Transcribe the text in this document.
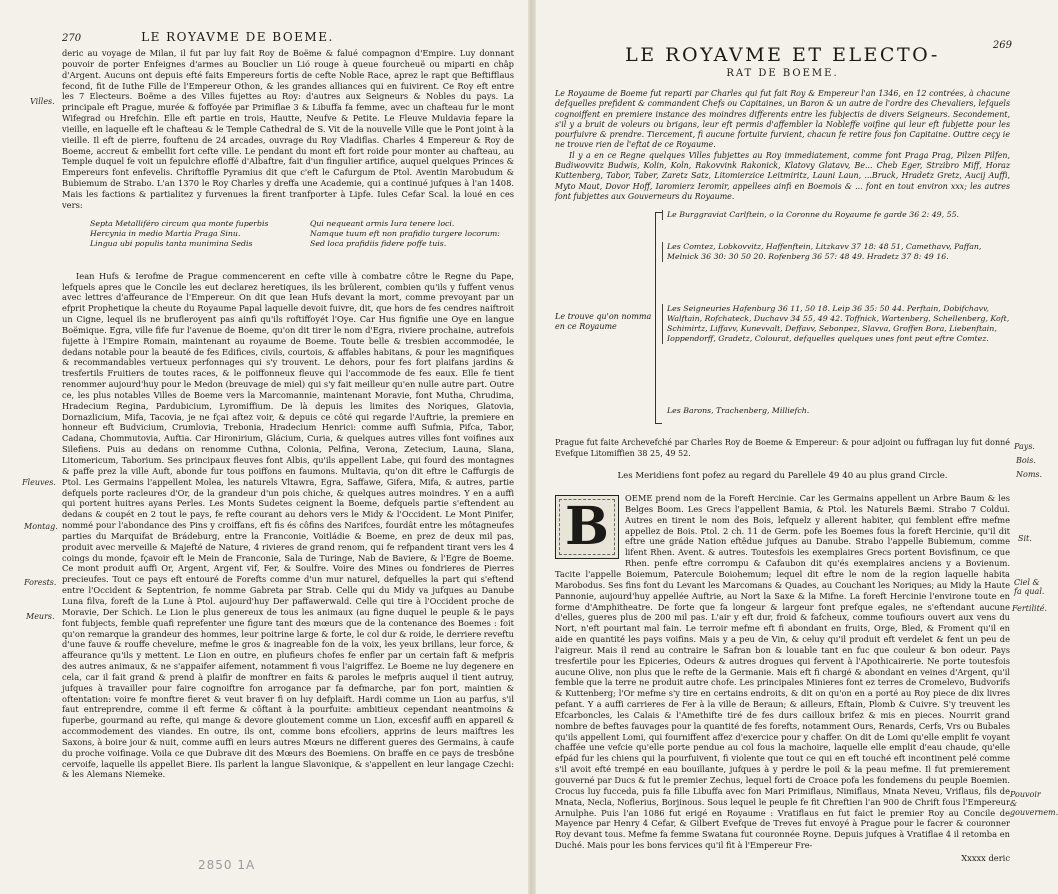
270	LE ROYAVME DE BOEME.

deric au voyage de Milan, il fut par luy fait Roy de Boëme & falué compagnon d'Empire. Luy donnant pouvoir de porter Enfeignes d'armes au Bouclier un Lió rouge à queue fourcheuë ou miparti en châp d'Argent. Aucuns ont depuis efté faits Empereurs fortis de cefte Noble Race, aprez le rapt que Beftifflaus fecond, fit de Iuthe Fille de l'Empereur Othon, & les grandes alliances qui en fuivirent. Ce Roy eft entre les 7 Electeurs. Boëme a des Villes fujettes au Roy: d'autres aux Seigneurs & Nobles du pays. La principale eft Prague, murée & foffoyée par Primiflae 3 & Libuffa fa femme, avec un chafteau fur le mont Wifegrad ou Hrefchin. Elle eft partie en trois, Hautte, Neufve & Petite. Le Fleuve Muldavia fepare la vieille, en laquelle eft le chafteau & le Temple Cathedral de S. Vit de la nouvelle Ville que le Pont joint à la vieille. Il eft de pierre, fouftenu de 24 arcades, ouvrage du Roy Vladiflas. Charles 4 Empereur & Roy de Boeme, accreut & embellit fort cefte ville. Le pendant du mont eft fort roide pour monter au chafteau, au Temple duquel fe voit un fepulchre efloffé d'Albaftre, fait d'un fingulier artifice, auquel quelques Princes & Empereurs font enfevelis. Chriftoffle Pyramius dit que c'eft le Cafurgum de Ptol. Aventin Marobudum & Bubiemum de Strabo. L'an 1370 le Roy Charles y dreffa une Academie, qui a continué jufques à l'an 1408. Mais les factions & partialitez y furvenues la firent tranfporter à Lipfe. Iules Cefar Scal. la loué en ces vers:

Septa Metalliféro circum qua monte fuperbis
Hercynia in medio Martia Praga Sinu.
Lingua ubi populis tanta munimina Sedis
Qui nequeant armis Iura tenere loci.
Namque tuum eft non prafidio turgere locorum:
Sed loca prafidiis fidere poffe tuis.

Iean Hufs & Ierofme de Prague commencerent en cefte ville à combatre côtre le Regne du Pape, lefquels apres que le Concile les eut declarez heretiques, ils les brûlerent, combien qu'ils y fuffent venus avec lettres d'affeurance de l'Empereur. On dit que Iean Hufs devant la mort, comme prevoyant par un efprit Prophetique la cheute du Royaume Papal laquelle devoit fuivre, dit, que hors de fes cendres naiftroit un Cigne, lequel ils ne brufleroyent pas ainfi qu'ils roftiffoyét l'Oye. Car Hus fignifie une Oye en langue Boëmique. Egra, ville fife fur l'avenue de Boeme, qu'on dit tirer le nom d'Egra, riviere prochaine, autrefois fujette à l'Empire Romain, maintenant au royaume de Boeme. Toute belle & tresbien accommodée, le dedans notable pour la beauté de fes Edifices, civils, courtois, & affables habitans, & pour les magnifiques & recommandables vertueux perfonnages qui s'y trouvent. Le dehors, pour fes fort plaifans jardins & tresfertils Fruitiers de toutes races, & le poiffonneux fleuve qui l'accommode de fes eaux. Elle fe tient renommer aujourd'huy pour le Medon (breuvage de miel) qui s'y fait meilleur qu'en nulle autre part. Outre ce, les plus notables Villes de Boeme vers la Marcomannie, maintenant Moravie, font Mutha, Chrudima, Hradecium Regina, Pardubicium, Lyromiffium. De là depuis les limites des Noriques, Glatovia, Dornazlicium, Mifa, Tacovia, je ne fçai aftez voir, & depuis ce côté qui regarde l'Auftrie, la premiere en honneur eft Budvicium, Crumlovia, Trebonia, Hradecium Henrici: comme auffi Sufmia, Pifca, Tabor, Cadana, Chommutovia, Auftia. Car Hironirium, Glácium, Curia, & quelques autres villes font voifines aux Silefiens. Puis au dedans on renomme Cuthna, Colonia, Pelfina, Verona, Zetecium, Launa, Slana, Litomericum, Taborium. Ses principaux fleuves font Albis, qu'ils appellent Labe, qui fourd des montagnes & paffe prez la ville Auft, abonde fur tous poiffons en faumons. Multavia, qu'on dit eftre le Caffurgis de Ptol. Les Germains l'appellent Molea, les naturels Vltawra, Egra, Saffawe, Gifera, Mifa, & autres, partie defquels porte racleures d'Or, de la grandeur d'un pois chiche, & quelques autres moindres. Y en a auffi qui portent huitres ayans Perles. Les Monts Sudetes ceignent la Boeme, defquels partie s'eftendent au dedans & coupét en 2 tout le pays, fe refte courant au dehors vers le Midy & l'Occident. Le Mont Pinifer, nommé pour l'abondance des Pins y croiffans, eft fis és côfins des Narifces, fourdât entre les môtagneufes parties du Marquifat de Brádeburg, entre la Franconie, Voitládie & Boeme, en prez de deux mil pas, produit avec merveille & Majefté de Nature, 4 rivieres de grand renom, qui fe refpandent tirant vers les 4 coings du monde, fçavoir eft le Mein de Franconie, Sala de Turinge, Nab de Baviere, & l'Egre de Boeme. Ce mont produit auffi Or, Argent, Argent vif, Fer, & Soulfre. Voire des Mines ou fondrieres de Pierres precieufes. Tout ce pays eft entouré de Forefts comme d'un mur naturel, defquelles la part qui s'eftend entre l'Occident & Septentrion, fe nomme Gabreta par Strab. Celle qui du Midy va jufques au Danube Luna filva, foreft de la Lune à Ptol. aujourd'huy Der paffawerwald. Celle qui tire à l'Occident proche de Moravie, Der Schich. Le Lion le plus genereux de tous les animaux (au figne duquel le peuple & le pays font fubjects, femble quafi reprefenter une figure tant des mœurs que de la contenance des Boemes : foit qu'on remarque la grandeur des hommes, leur poitrine large & forte, le col dur & roide, le derriere reveftu d'une fauve & rouffe chevelure, mefme le gros & inagreable fon de la voix, les yeux brillans, leur force, & affeurance qu'ils y mettent. Le Lion en outre, en plufieurs chofes fe enfler par un certain faft & mefpris des autres animaux, & ne s'appaifer aifement, notamment fi vous l'aigriffez. Le Boeme ne luy degenere en cela, car il fait grand & prend à plaifir de monftrer en faits & paroles le mefpris auquel il tient autruy, jufques à travailler pour faire cognoiftre fon arrogance par fa defmarche, par fon port, maintien & oftentation: voire fe monftre fieret & veut braver fi on luy defplaift. Hardi comme un Lion au parfus, s'il faut entreprendre, comme il eft ferme & côftant à la pourfuite: ambitieux cependant neantmoins & fuperbe, gourmand au refte, qui mange & devore gloutement comme un Lion, excesfif auffi en appareil & accommodement des viandes. En outre, ils ont, comme bons efcoliers, apprins de leurs maiftres les Saxons, à boire jour & nuit, comme auffi en leurs autres Mœurs ne different gueres des Germains, à caufe du proche voifinage. Voila ce que Dubrave dit des Mœurs des Boemiens. On braffe en ce pays de tresbône cervoife, laquelle ils appellet Biere. Ils parlent la langue Slavonique, & s'appellent en leur langage Czechi: & les Alemans Niemeke.

Villes.
Fleuves.
Montag.
Forests.
Meurs.
LE ROYAVME ET ELECTO-
RAT DE BOEME.

Le Royaume de Boeme fut reparti par Charles qui fut fait Roy & Empereur l'an 1346, en 12 contrées, à chacune defquelles prefident & commandent Chefs ou Capitaines, un Baron & un autre de l'ordre des Chevaliers, lefquels cognoiffent en premiere instance des moindres differents entre les fubjectis de divers Seigneurs. Secondement, s'il y a bruit de voleurs ou brigans, leur eft permis d'affembler la Nobleffe voifine qui leur eft fubjette pour les pourfuivre & prendre. Tiercement, fi aucune fortuite furvient, chacun fe retire fous fon Capitaine. Outtre ceçy ie ne trouve rien de l'eftat de ce Royaume.

Il y a en ce Regne quelques Villes fubjettes au Roy immediatement, comme font Praga Prag, Pilzen Pilfen, Budiwovvitz Budwis, Kolin, Koln, Rakovvink Rakonick, Klatovy Glatavv, Be... Cheb Eger, Strzibro Miff, Horaz Kuttenberg, Tabor, Taber, Zaretz Satz, Litomierzice Leitmiritz, Launi Laun, ...Bruck, Hradetz Gretz, Aucij Auffi, Myto Maut, Dovor Hoff, Iaromierz Ieromir, appellees ainfi en Boemois & ... font en tout environ xxx; les autres font fubjettes aux Gouverneurs du Royaume.

Le trouve qu'on nomma en ce Royaume
Le Burggraviat Carlftein, o la Coronne du Royaume fe garde 36 2: 49, 55.
Les Comtez, Lobkovvitz, Haffenftein, Litzkavv 37 18: 48 51, Camethavv, Paffan, Melnick 36 30: 30 50 20. Rofenberg 36 57: 48 49. Hradetz 37 8: 49 16.
Les Seigneuries Hafenburg 36 11, 50 18. Leip 36 35: 50 44. Perftain, Dobifchavv, Walftain, Rofchateck, Duchavv 34 55, 49 42. Toffnick, Wartenberg, Schellenberg, Koft, Schimirtz, Liffavv, Kunevvalt, Deffavv, Sebonpez, Slavva, Groffen Bora, Liebenftain, Ioppendorff, Gradetz, Colourat, defquelles quelques unes font peut eftre Comtez.
Les Barons, Trachenberg, Milliefch.

Prague fut faite Archevefché par Charles Roy de Boeme & Empereur: & pour adjoint ou fuffragan luy fut donné Evefque Litomiffien 38 25, 49 52.

Les Meridiens font pofez au regard du Parellele 49 40 au plus grand Circle.
B	OEME prend nom de la Foreft Hercinie. Car les Germains appellent un Arbre Baum & les Belges Boom. Les Grecs l'appellent Bamia, & Ptol. les Naturels Bæmi. Strabo 7 Coldui. Autres en tirent le nom des Bois, lefquelz y allerent habiter, qui femblent effre mefme appellez de Bois. Ptol. 2 ch. 11 de Germ. pofe les Boemes fous la foreft Hercinie, qu'il dit eftre une gráde Nation eftêdue jufques au Danube. Strabo l'appelle Bubiemum, comme lifent Rhen. Avent. & autres. Toutesfois les exemplaires Grecs portent Bovisfinum, ce que Rhen. penfe eftre corrompu & Cafaubon dit qu'és exemplaires anciens y a Bovienum. Tacite l'appelle Boiemum, Patercule Boiohemum; lequel dit eftre le nom de la region laquelle habita Marobodus. Ses fins font du Levant les Marcomans & Quades, au Couchant les Noriques; au Midy la Haute Pannonie, aujourd'huy appellée Auftrie, au Nort la Saxe & la Mifne. La foreft Hercinie l'environe toute en forme d'Amphitheatre. De forte que fa longeur & largeur font prefque egales, ne s'eftendant aucune d'elles, gueres plus de 200 mil pas. L'air y eft dur, froid & fafcheux, comme toufiours ouvert aux vens du Nort, n'eft pourtant mal fain. Le terroir mefme eft fi abondant en fruits, Orge, Bled, & Froment qu'il en aide en quantité les pays voifins. Mais y a peu de Vin, & celuy qu'il produit eft verdelet & fent un peu de l'aigreur. Mais il rend au contraire le Safran bon & louable tant en fuc que couleur & bon odeur. Pays tresfertile pour les Epiceries, Odeurs & autres drogues qui fervent à l'Apothicairerie. Ne porte toutesfois aucune Olive, non plus que le refte de la Germanie. Mais eft fi chargé & abondant en veines d'Argent, qu'il femble que la terre ne produit autre chofe. Les principales Minieres font ez terres de Cromelevo, Budvorifs & Kuttenberg; l'Or mefme s'y tire en certains endroits, & dit on qu'on en a porté au Roy piece de dix livres pefant. Y a auffi carrieres de Fer à la ville de Beraun; & ailleurs, Eftain, Plomb & Cuivre. S'y treuvent les Efcarboncles, les Calais & l'Amethifte tiré de fes durs cailloux brifez & mis en pieces. Nourrit grand nombre de beftes fauvages pour la quantité de fes forefts, notamment Ours, Renards, Cerfs, Vrs ou Bubales qu'ils appellent Lomi, qui fourniffent affez d'exercice pour y chaffer. On dit de Lomi qu'elle emplit fe voyant chaffée une vefcie qu'elle porte pendue au col fous la machoire, laquelle elle emplit d'eau chaude, qu'elle efpád fur les chiens qui la pourfuivent, fi violente que tout ce qui en eft touché eft incontinent pelé comme s'il avoit efté trempé en eau bouillante, jufques à y perdre le poil & la peau mefme. Il fut premierement gouverné par Ducs & fut le premier Zechus, lequel forti de Croace pofa les fondemens du peuple Boemien. Crocus luy fucceda, puis fa fille Libuffa avec fon Mari Primiflaus, Nimiflaus, Mnata Neveu, Vriflaus, fils de Mnata, Necla, Noflerius, Borjinous. Sous lequel le peuple fe fit Chreftien l'an 900 de Chrift fous l'Empereur Arnulphe. Puis l'an 1086 fut erigé en Royaume : Vratiflaus en fut faict le premier Roy au Concile de Mayence par Henry 4 Cefar, & Gilbert Evefque de Treves fut envoyé à Prague pour le facrer & couronner Roy devant tous. Mefme fa femme Swatana fut couronnée Royne. Depuis jufques à Vratiflae 4 il retomba en Duché. Mais pour les bons fervices qu'il fit à l'Empereur Fre-

Xxxxx deric
269
Pays.
Bois.
Noms.
Sit.
Ciel & fa qual.
Fertilité.
Pouvoir & gouvernem.
2850 1A
